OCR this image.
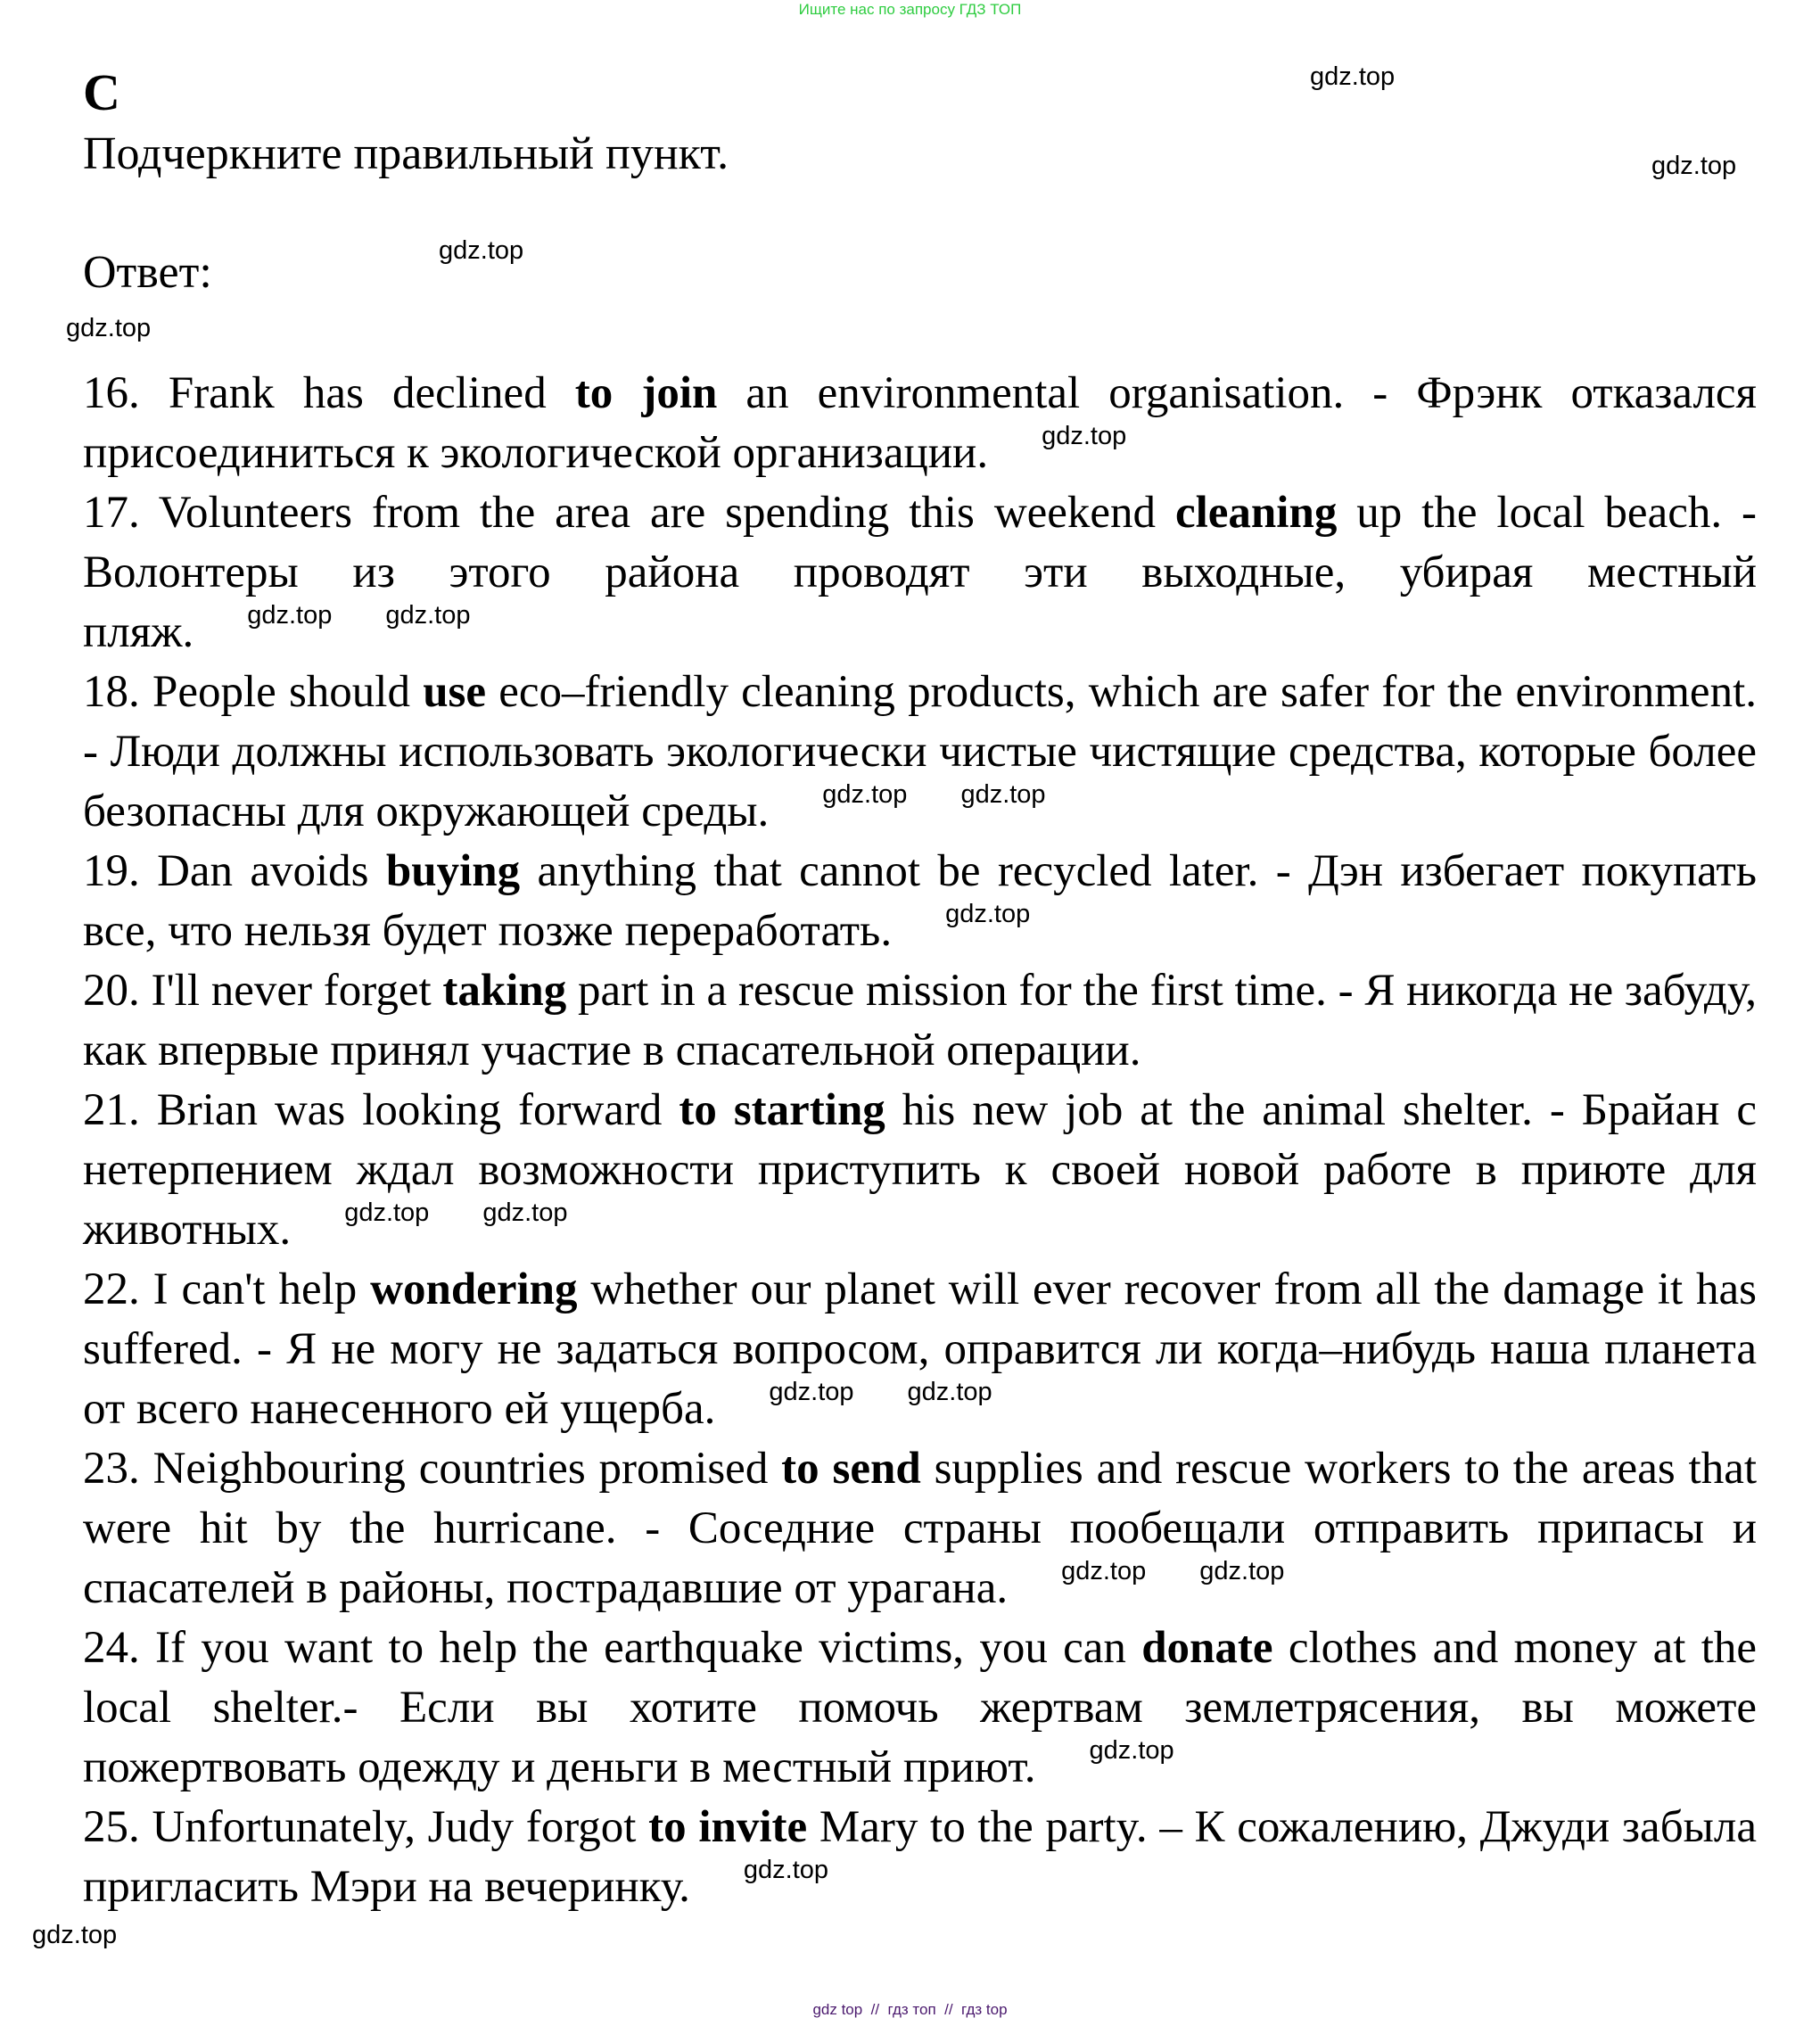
Ищите нас по запросу ГДЗ ТОП
C
Подчеркните правильный пункт.
Ответ:
gdz.top
gdz.top
gdz.top
gdz.top

16. Frank has declined to join an environmental organisation. - Фрэнк отказался присоединиться к экологической организации. $^{gdz.top}$

17. Volunteers from the area are spending this weekend cleaning up the local beach. - Волонтеры из этого района проводят эти выходные, убирая местный пляж. $^{gdz.top}$ $^{gdz.top}$

18. People should use eco–friendly cleaning products, which are safer for the environment. - Люди должны использовать экологически чистые чистящие средства, которые более безопасны для окружающей среды. $^{gdz.top}$ $^{gdz.top}$

19. Dan avoids buying anything that cannot be recycled later. - Дэн избегает покупать все, что нельзя будет позже переработать. $^{gdz.top}$

20. I'll never forget taking part in a rescue mission for the first time. - Я никогда не забуду, как впервые принял участие в спасательной операции.

21. Brian was looking forward to starting his new job at the animal shelter. - Брайан с нетерпением ждал возможности приступить к своей новой работе в приюте для животных. $^{gdz.top}$ $^{gdz.top}$

22. I can't help wondering whether our planet will ever recover from all the damage it has suffered. - Я не могу не задаться вопросом, оправится ли когда–нибудь наша планета от всего нанесенного ей ущерба. $^{gdz.top}$ $^{gdz.top}$

23. Neighbouring countries promised to send supplies and rescue workers to the areas that were hit by the hurricane. - Соседние страны пообещали отправить припасы и спасателей в районы, пострадавшие от урагана. $^{gdz.top}$ $^{gdz.top}$

24. If you want to help the earthquake victims, you can donate clothes and money at the local shelter.- Если вы хотите помочь жертвам землетрясения, вы можете пожертвовать одежду и деньги в местный приют. $^{gdz.top}$

25. Unfortunately, Judy forgot to invite Mary to the party. – К сожалению, Джуди забыла пригласить Мэри на вечеринку. $^{gdz.top}$

gdz.top
gdz top  //  гдз топ  //  гдз top
